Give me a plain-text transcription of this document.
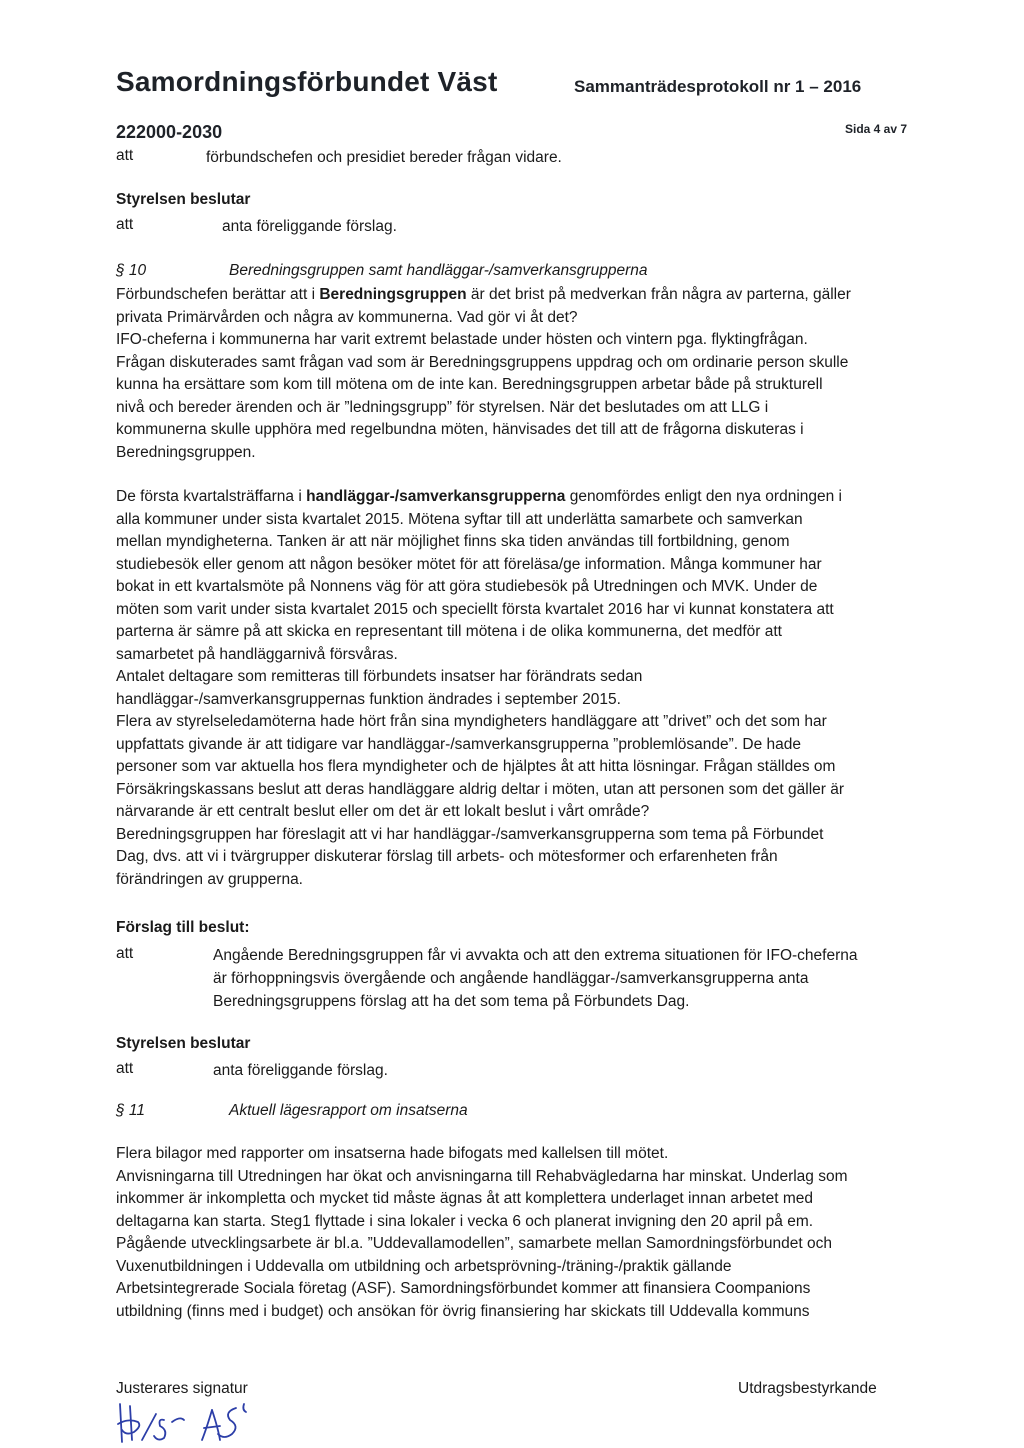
Samordningsförbundet Väst	Sammanträdesprotokoll nr 1 – 2016
222000-2030	Sida 4 av 7
att	förbundschefen och presidiet bereder frågan vidare.
Styrelsen beslutar
att	anta föreliggande förslag.
§ 10	Beredningsgruppen samt handläggar-/samverkansgrupperna
Förbundschefen berättar att i Beredningsgruppen är det brist på medverkan från några av parterna, gäller
privata Primärvården och några av kommunerna. Vad gör vi åt det?
IFO-cheferna i kommunerna har varit extremt belastade under hösten och vintern pga. flyktingfrågan.
Frågan diskuterades samt frågan vad som är Beredningsgruppens uppdrag och om ordinarie person skulle
kunna ha ersättare som kom till mötena om de inte kan. Beredningsgruppen arbetar både på strukturell
nivå och bereder ärenden och är ”ledningsgrupp” för styrelsen. När det beslutades om att LLG i
kommunerna skulle upphöra med regelbundna möten, hänvisades det till att de frågorna diskuteras i
Beredningsgruppen.
De första kvartalsträffarna i handläggar-/samverkansgrupperna genomfördes enligt den nya ordningen i
alla kommuner under sista kvartalet 2015. Mötena syftar till att underlätta samarbete och samverkan
mellan myndigheterna. Tanken är att när möjlighet finns ska tiden användas till fortbildning, genom
studiebesök eller genom att någon besöker mötet för att föreläsa/ge information. Många kommuner har
bokat in ett kvartalsmöte på Nonnens väg för att göra studiebesök på Utredningen och MVK. Under de
möten som varit under sista kvartalet 2015 och speciellt första kvartalet 2016 har vi kunnat konstatera att
parterna är sämre på att skicka en representant till mötena i de olika kommunerna, det medför att
samarbetet på handläggarnivå försvåras.
Antalet deltagare som remitteras till förbundets insatser har förändrats sedan
handläggar-/samverkansgruppernas funktion ändrades i september 2015.
Flera av styrelseledamöterna hade hört från sina myndigheters handläggare att ”drivet” och det som har
uppfattats givande är att tidigare var handläggar-/samverkansgrupperna ”problemlösande”. De hade
personer som var aktuella hos flera myndigheter och de hjälptes åt att hitta lösningar. Frågan ställdes om
Försäkringskassans beslut att deras handläggare aldrig deltar i möten, utan att personen som det gäller är
närvarande är ett centralt beslut eller om det är ett lokalt beslut i vårt område?
Beredningsgruppen har föreslagit att vi har handläggar-/samverkansgrupperna som tema på Förbundet
Dag, dvs. att vi i tvärgrupper diskuterar förslag till arbets- och mötesformer och erfarenheten från
förändringen av grupperna.
Förslag till beslut:
att	Angående Beredningsgruppen får vi avvakta och att den extrema situationen för IFO-cheferna
är förhoppningsvis övergående och angående handläggar-/samverkansgrupperna anta
Beredningsgruppens förslag att ha det som tema på Förbundets Dag.
Styrelsen beslutar
att	anta föreliggande förslag.
§ 11	Aktuell lägesrapport om insatserna
Flera bilagor med rapporter om insatserna hade bifogats med kallelsen till mötet.
Anvisningarna till Utredningen har ökat och anvisningarna till Rehabvägledarna har minskat. Underlag som
inkommer är inkompletta och mycket tid måste ägnas åt att komplettera underlaget innan arbetet med
deltagarna kan starta. Steg1 flyttade i sina lokaler i vecka 6 och planerat invigning den 20 april på em.
Pågående utvecklingsarbete är bl.a. ”Uddevallamodellen”, samarbete mellan Samordningsförbundet och
Vuxenutbildningen i Uddevalla om utbildning och arbetsprövning-/träning-/praktik gällande
Arbetsintegrerade Sociala företag (ASF). Samordningsförbundet kommer att finansiera Coompanions
utbildning (finns med i budget) och ansökan för övrig finansiering har skickats till Uddevalla kommuns
Justerares signatur	Utdragsbestyrkande
